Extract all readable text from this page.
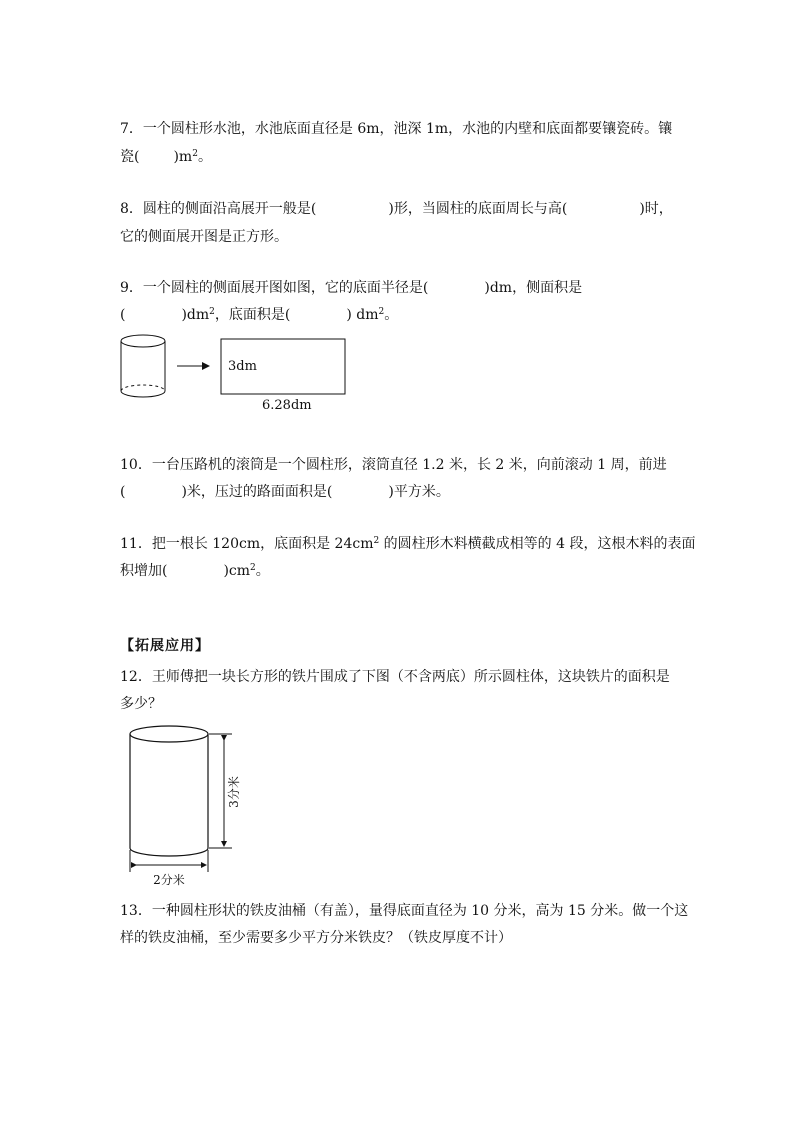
7．一个圆柱形水池，水池底面直径是 6m，池深 1m，水池的内壁和底面都要镶瓷砖。镶
瓷( )$m^2$。
8．圆柱的侧面沿高展开一般是(	)形，当圆柱的底面周长与高(	)时，
它的侧面展开图是正方形。
9．一个圆柱的侧面展开图如图，它的底面半径是(	)dm，侧面积是
(	)$dm^2$，底面积是(	) $dm^2$。
10．一台压路机的滚筒是一个圆柱形，滚筒直径 1.2 米，长 2 米，向前滚动 1 周，前进
(	)米，压过的路面面积是(	)平方米。
11．把一根长 120cm，底面积是 $24cm^2$ 的圆柱形木料横截成相等的 4 段，这根木料的表面
积增加(	)$cm^2$。
【拓展应用】
12．王师傅把一块长方形的铁片围成了下图（不含两底）所示圆柱体，这块铁片的面积是
多少？
13．一种圆柱形状的铁皮油桶（有盖），量得底面直径为 10 分米，高为 15 分米。做一个这
样的铁皮油桶，至少需要多少平方分米铁皮？（铁皮厚度不计）
3dm
6.28dm
3分米
2分米
